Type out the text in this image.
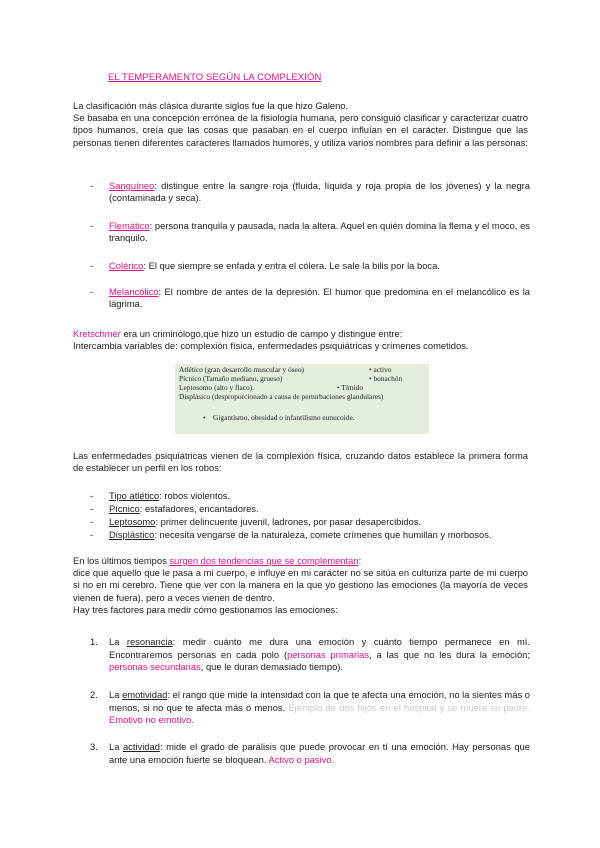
EL TEMPERAMENTO SEGÚN LA COMPLEXIÓN
La clasificación más clásica durante siglos fue la que hizo Galeno.
Se basaba en una concepción errónea de la fisiología humana, pero consiguió clasificar y caracterizar cuatro tipos humanos, creía que las cosas que pasaban en el cuerpo influían en el carácter. Distingue que las personas tienen diferentes caracteres llamados humores, y utiliza varios nombres para definir a las personas:
- Sanguíneo: distingue entre la sangre roja (fluida, líquida y roja propia de los jóvenes) y la negra (contaminada y seca).
- Flemático: persona tranquila y pausada, nada la altera. Aquel en quién domina la flema y el moco, es tranquilo.
- Colérico: El que siempre se enfada y entra el cólera. Le sale la bilis por la boca.
- Melancólico: El nombre de antes de la depresión. El humor que predomina en el melancólico es la lágrima.
Kretschmer era un criminólogo,que hizo un estudio de campo y distingue entre:
Intercambia variables de: complexión física, enfermedades psiquiátricas y crímenes cometidos.
Atlético (gran desarrollo muscular y óseo)	• activo
Pícnico (Tamaño mediano, grueso)	• bonachón
Leptosomo (alto y flaco).	• Tímido
Displásico (desproporcionado a causa de perturbaciones glandulares)
•    Gigantismo, obesidad o infantilismo eunucoide.
Las enfermedades psiquiátricas vienen de la complexión física, cruzando datos establece la primera forma de establecer un perfil en los robos:
- Tipo atlético: robos violentos.
- Pícnico: estafadores, encantadores.
- Leptosomo: primer delincuente juvenil, ladrones, por pasar desapercibidos.
- Displástico: necesita vengarse de la naturaleza, comete crímenes que humillan y morbosos.
En los últimos tiempos surgen dos tendencias que se complementan:
dice que aquello que le pasa a mi cuerpo, e influye en mi carácter no se sitúa en culturiza parte de mi cuerpo si no en mi cerebro. Tiene que ver con la manera en la que yo gestiono las emociones (la mayoría de veces vienen de fuera), pero a veces vienen de dentro.
Hay tres factores para medir cómo gestionamos las emociones:
1. La resonancia: medir cuánto me dura una emoción y cuánto tiempo permanece en mí. Encontraremos personas en cada polo (personas primarias, a las que no les dura la emoción; personas secundarias, que le duran demasiado tiempo).
2. La emotividad: el rango que mide la intensidad con la que te afecta una emoción, no la sientes más o menos, si no que te afecta más o menos. Ejemplo de dos hijos en el hospital y se muere su padre. Emotivo no emotivo.
3. La actividad: mide el grado de parálisis que puede provocar en tí una emoción. Hay personas que ante una emoción fuerte se bloquean. Activo o pasivo.
